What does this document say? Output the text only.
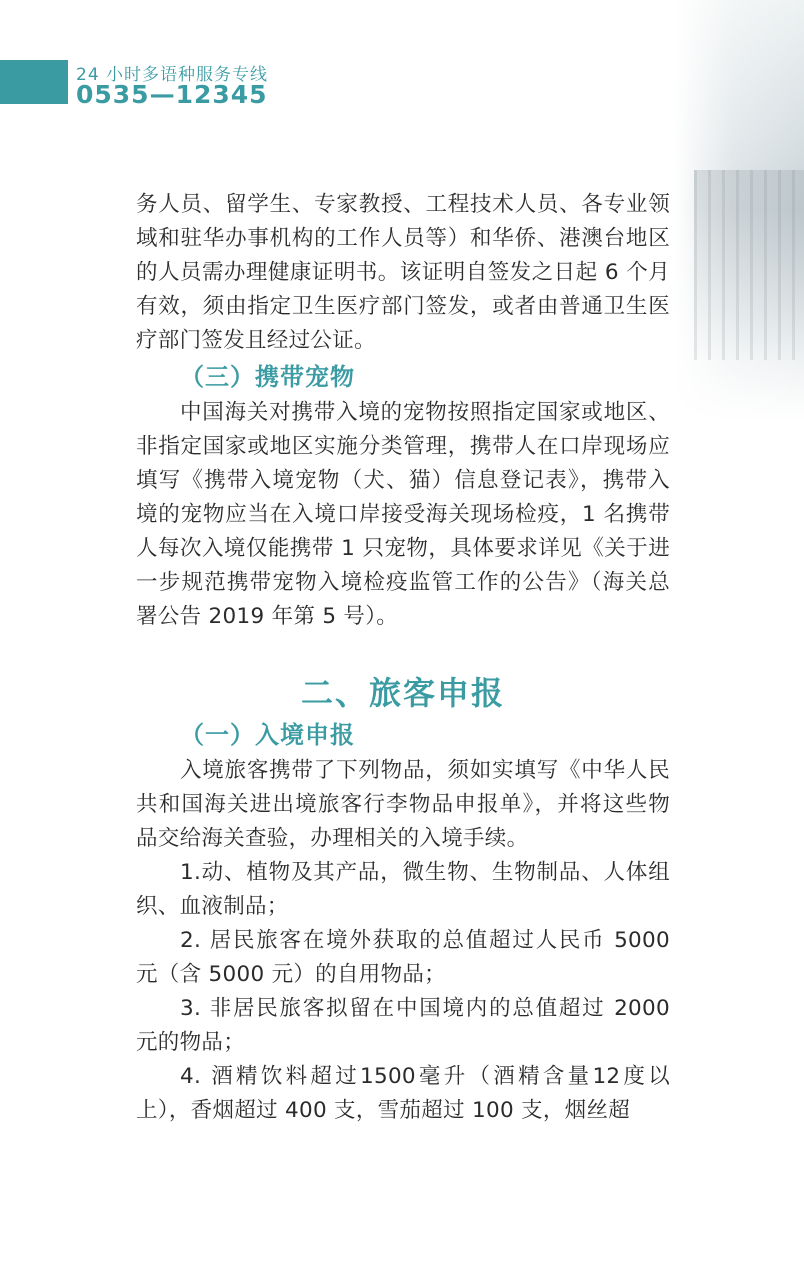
24 小时多语种服务专线
0535—12345

务人员、留学生、专家教授、工程技术人员、各专业领域和驻华办事机构的工作人员等）和华侨、港澳台地区的人员需办理健康证明书。该证明自签发之日起 6 个月有效，须由指定卫生医疗部门签发，或者由普通卫生医疗部门签发且经过公证。

（三）携带宠物

中国海关对携带入境的宠物按照指定国家或地区、非指定国家或地区实施分类管理，携带人在口岸现场应填写《携带入境宠物（犬、猫）信息登记表》，携带入境的宠物应当在入境口岸接受海关现场检疫，1 名携带人每次入境仅能携带 1 只宠物，具体要求详见《关于进一步规范携带宠物入境检疫监管工作的公告》（海关总署公告 2019 年第 5 号）。

二、旅客申报
（一）入境申报

入境旅客携带了下列物品，须如实填写《中华人民共和国海关进出境旅客行李物品申报单》，并将这些物品交给海关查验，办理相关的入境手续。

1.动、植物及其产品，微生物、生物制品、人体组织、血液制品；

2. 居民旅客在境外获取的总值超过人民币 5000 元（含 5000 元）的自用物品；

3. 非居民旅客拟留在中国境内的总值超过 2000 元的物品；

4. 酒精饮料超过1500毫升（酒精含量12度以上），香烟超过 400 支，雪茄超过 100 支，烟丝超
